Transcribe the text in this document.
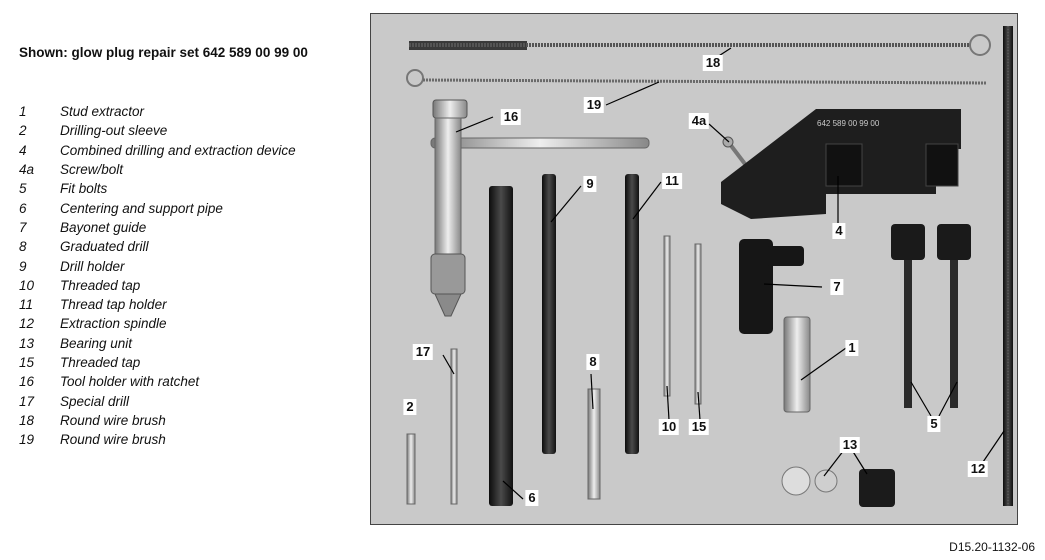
Shown: glow plug repair set 642 589 00 99 00
1	Stud extractor
2	Drilling-out sleeve
4	Combined drilling and extraction device
4a	Screw/bolt
5	Fit bolts
6	Centering and support pipe
7	Bayonet guide
8	Graduated drill
9	Drill holder
10	Threaded tap
11	Thread tap holder
12	Extraction spindle
13	Bearing unit
15	Threaded tap
16	Tool holder with ratchet
17	Special drill
18	Round wire brush
19	Round wire brush
642 589 00 99 00
18
19
16	4a
9	11
4
7
1
17
2
8
10 15
6
13
5
12
D15.20-1132-06
